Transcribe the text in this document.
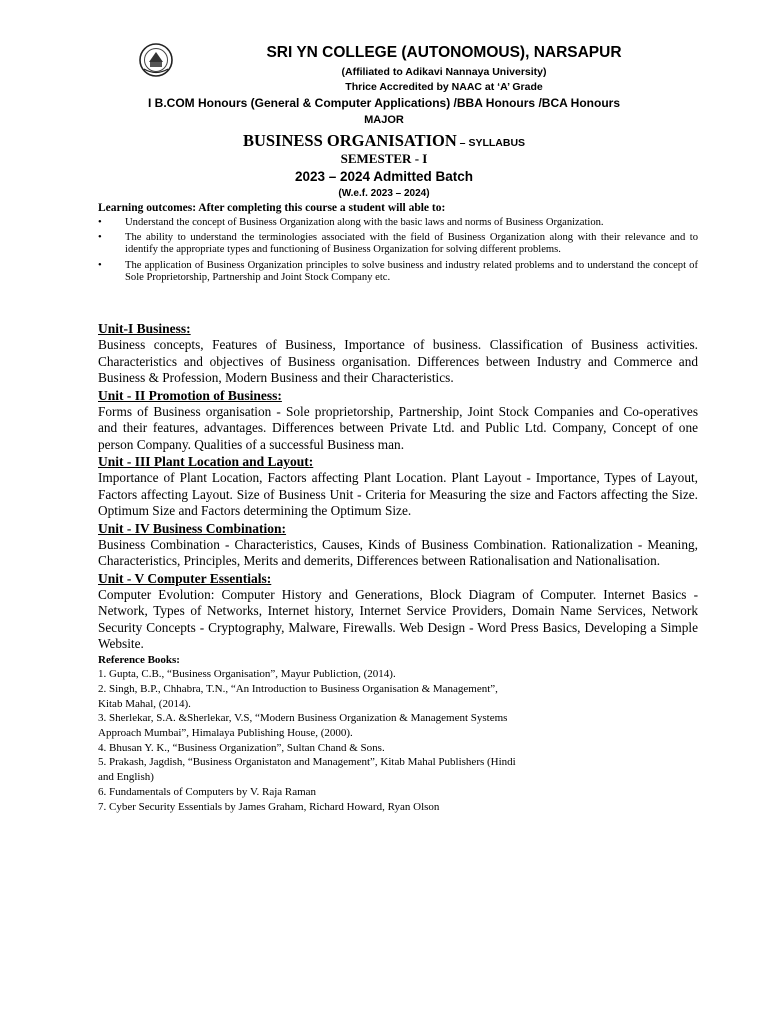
SRI YN COLLEGE (AUTONOMOUS), NARSAPUR
(Affiliated to Adikavi Nannaya University)
Thrice Accredited by NAAC at ‘A’ Grade
I B.COM Honours (General & Computer Applications) /BBA Honours /BCA Honours
MAJOR
BUSINESS ORGANISATION – SYLLABUS
SEMESTER - I
2023 – 2024 Admitted Batch
(W.e.f. 2023 – 2024)
Learning outcomes: After completing this course a student will able to:
• Understand the concept of Business Organization along with the basic laws and norms of Business Organization.
• The ability to understand the terminologies associated with the field of Business Organization along with their relevance and to identify the appropriate types and functioning of Business Organization for solving different problems.
• The application of Business Organization principles to solve business and industry related problems and to understand the concept of Sole Proprietorship, Partnership and Joint Stock Company etc.
Unit-I Business:
Business concepts, Features of Business, Importance of business. Classification of Business activities. Characteristics and objectives of Business organisation. Differences between Industry and Commerce and Business & Profession, Modern Business and their Characteristics.
Unit - II Promotion of Business:
Forms of Business organisation - Sole proprietorship, Partnership, Joint Stock Companies and Co-operatives and their features, advantages. Differences between Private Ltd. and Public Ltd. Company, Concept of one person Company. Qualities of a successful Business man.
Unit - III Plant Location and Layout:
Importance of Plant Location, Factors affecting Plant Location. Plant Layout - Importance, Types of Layout, Factors affecting Layout. Size of Business Unit - Criteria for Measuring the size and Factors affecting the Size. Optimum Size and Factors determining the Optimum Size.
Unit - IV Business Combination:
Business Combination - Characteristics, Causes, Kinds of Business Combination. Rationalization - Meaning, Characteristics, Principles, Merits and demerits, Differences between Rationalisation and Nationalisation.
Unit - V Computer Essentials:
Computer Evolution: Computer History and Generations, Block Diagram of Computer. Internet Basics - Network, Types of Networks, Internet history, Internet Service Providers, Domain Name Services, Network Security Concepts - Cryptography, Malware, Firewalls. Web Design - Word Press Basics, Developing a Simple Website.
Reference Books:
1. Gupta, C.B., “Business Organisation”, Mayur Publiction, (2014).
2. Singh, B.P., Chhabra, T.N., “An Introduction to Business Organisation & Management”,
Kitab Mahal, (2014).
3. Sherlekar, S.A. &Sherlekar, V.S, “Modern Business Organization & Management Systems
Approach Mumbai”, Himalaya Publishing House, (2000).
4. Bhusan Y. K., “Business Organization”, Sultan Chand & Sons.
5. Prakash, Jagdish, “Business Organistaton and Management”, Kitab Mahal Publishers (Hindi
and English)
6. Fundamentals of Computers by V. Raja Raman
7. Cyber Security Essentials by James Graham, Richard Howard, Ryan Olson
